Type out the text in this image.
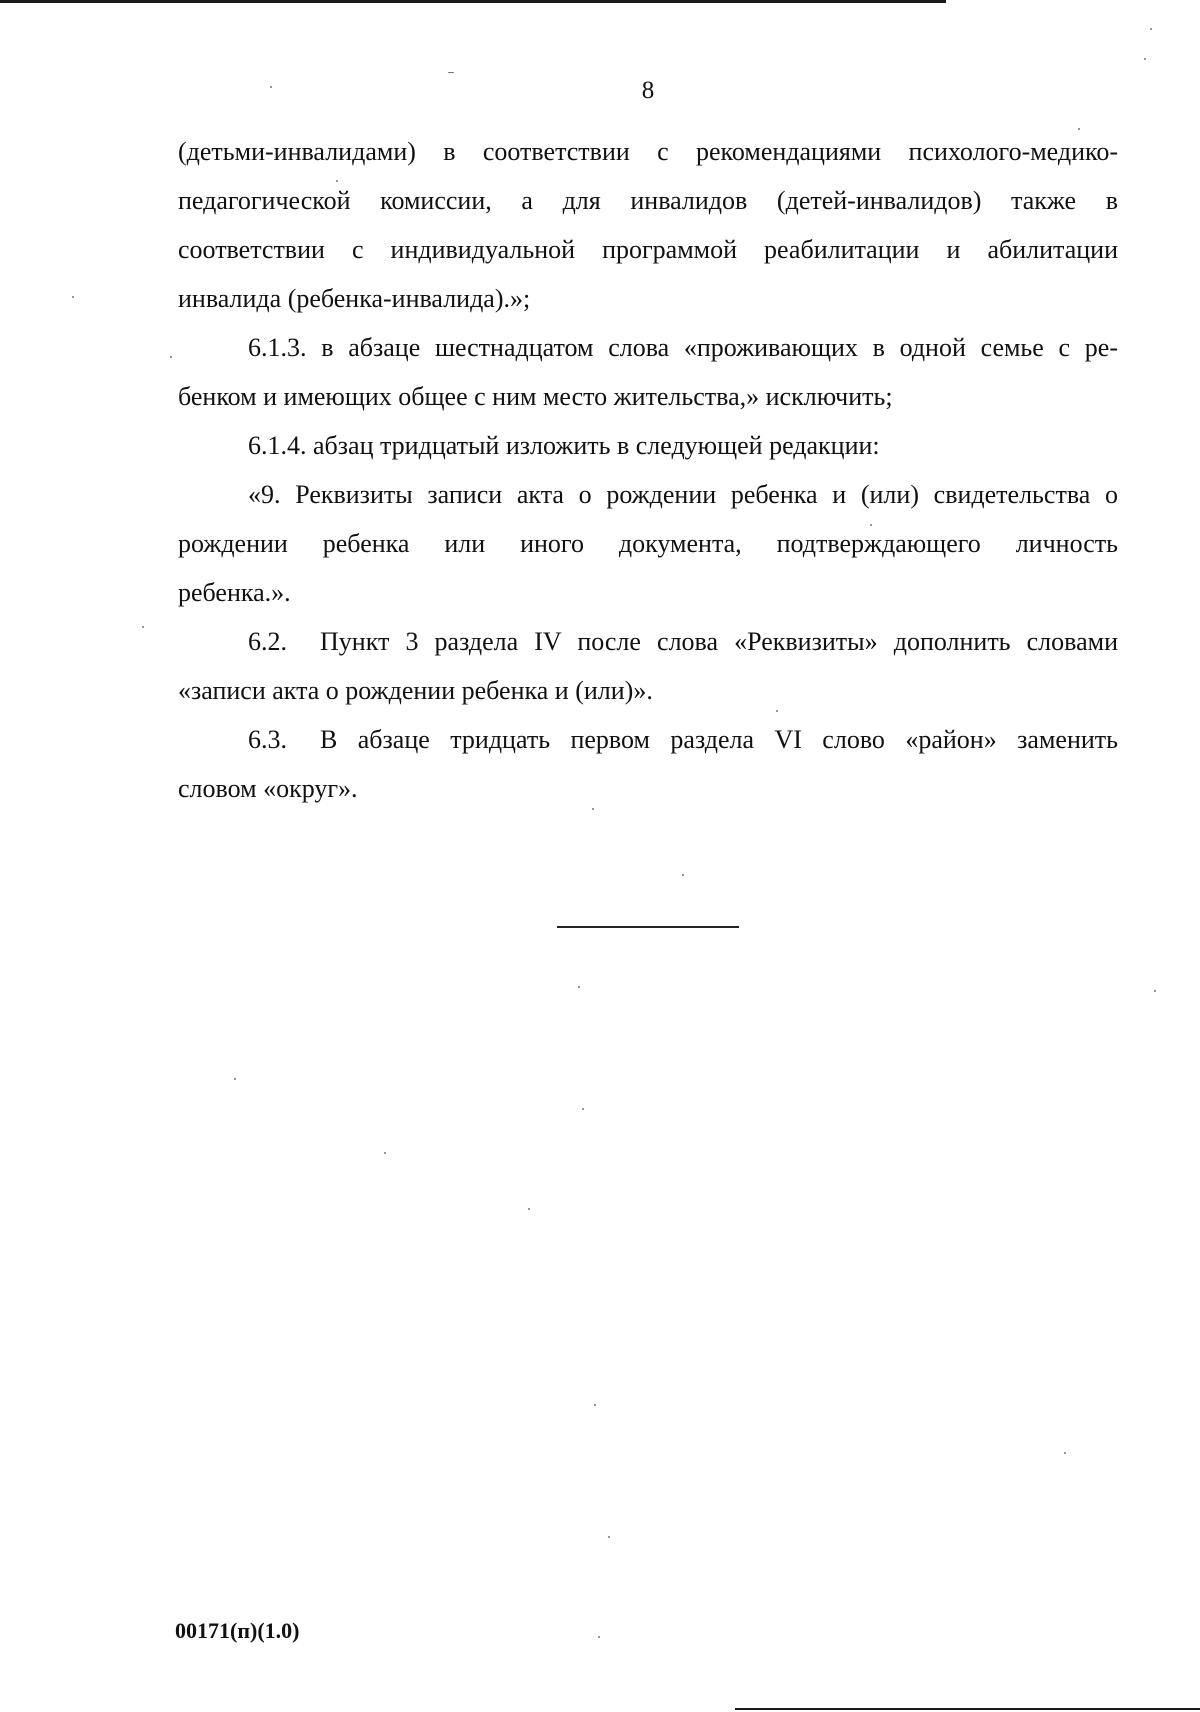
8

(детьми-инвалидами) в соответствии с рекомендациями психолого-медико-
педагогической комиссии, а для инвалидов (детей-инвалидов) также в
соответствии с индивидуальной программой реабилитации и абилитации
инвалида (ребенка-инвалида).»;

6.1.3. в абзаце шестнадцатом слова «проживающих в одной семье с ре-
бенком и имеющих общее с ним место жительства,» исключить;

6.1.4. абзац тридцатый изложить в следующей редакции:

«9. Реквизиты записи акта о рождении ребенка и (или) свидетельства о
рождении ребенка или иного документа, подтверждающего личность
ребенка.».

6.2.	Пункт 3 раздела IV после слова «Реквизиты» дополнить словами
«записи акта о рождении ребенка и (или)».

6.3.	В абзаце тридцать первом раздела VI слово «район» заменить
словом «округ».

00171(п)(1.0)
